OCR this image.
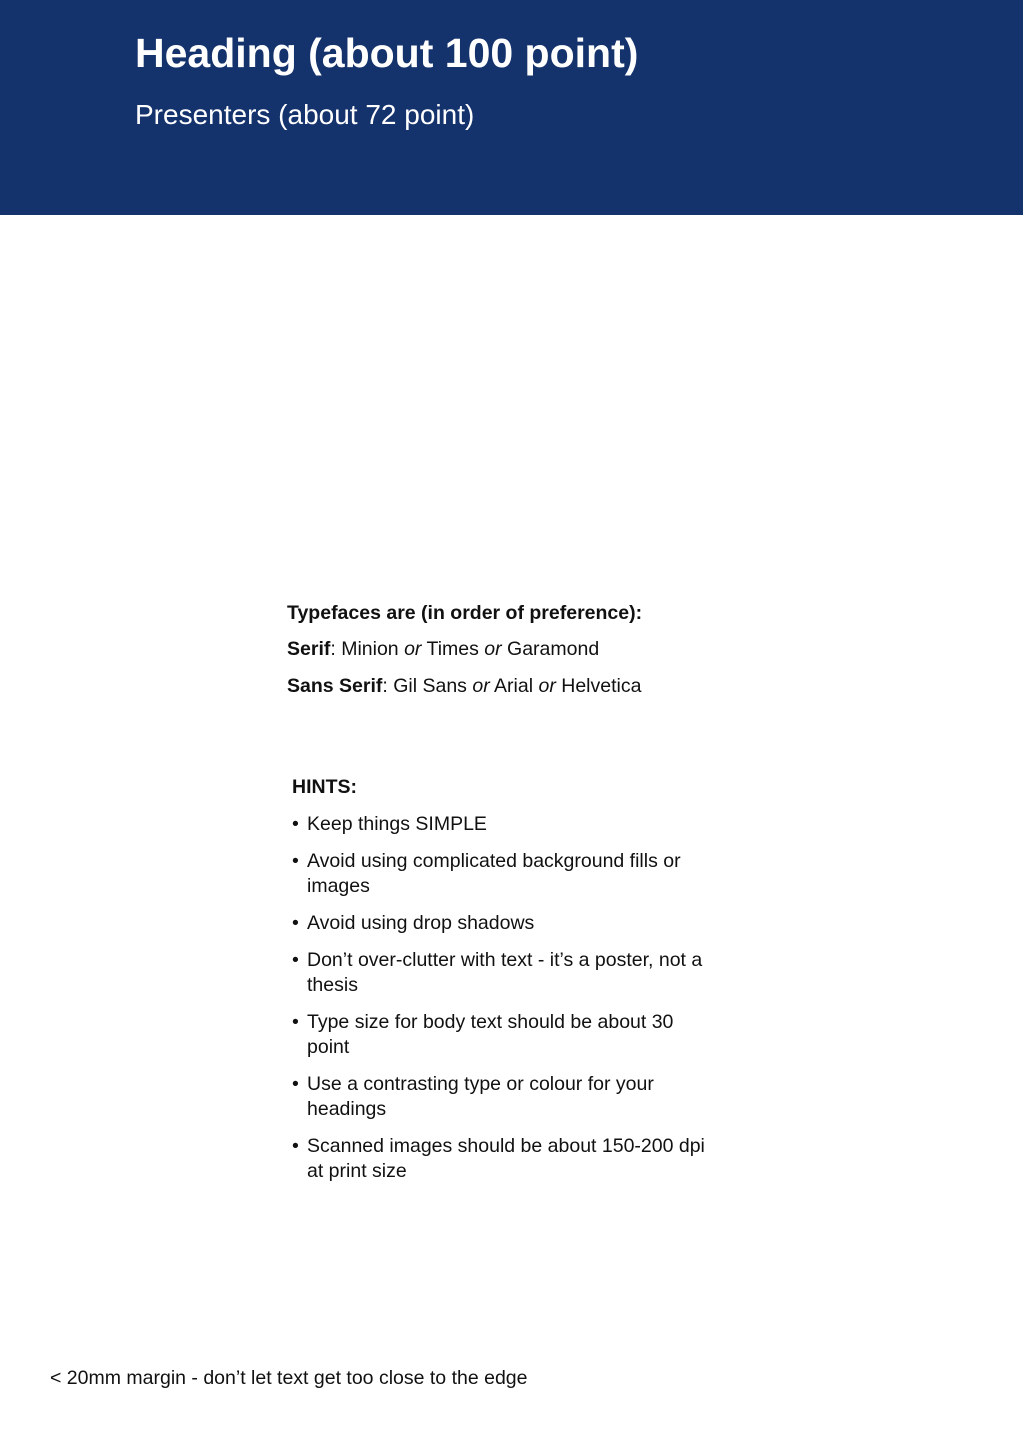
Heading (about 100 point)
Presenters (about 72 point)

Typefaces are (in order of preference):

Serif: Minion or Times or Garamond

Sans Serif: Gil Sans or Arial or Helvetica

HINTS:

• Keep things SIMPLE
• Avoid using complicated background fills or images
• Avoid using drop shadows
• Don’t over-clutter with text - it’s a poster, not a thesis
• Type size for body text should be about 30 point
• Use a contrasting type or colour for your headings
• Scanned images should be about 150-200 dpi at print size
< 20mm margin - don’t let text get too close to the edge
